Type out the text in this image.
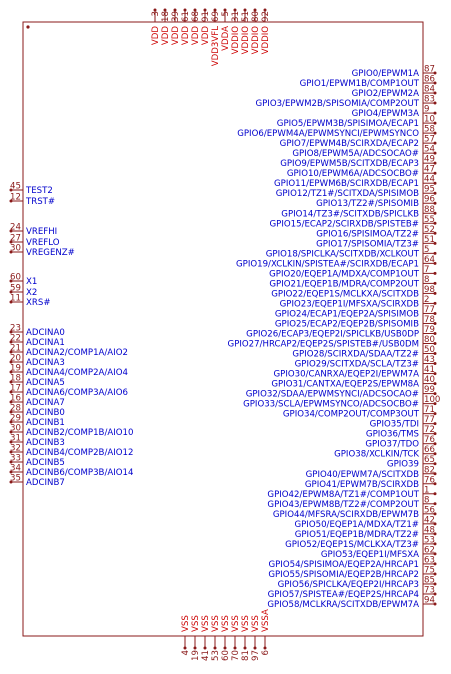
3
VDD
18
VDD
39
VDD
61
VDD
68
VDD
91
VDD
69
VDD3VFL
5
VDDA
31
VDDIO
51
VDDIO
80
VDDIO
92
VDDIO
VSS
4
VSS
19
VSS
41
VSS
53
VSS
60
VSS
70
VSS
81
VSS
97
VSSA
6
45 TEST2
12 TRST#
24 VREFHI
27 VREFLO
30 VREGENZ#
60 X1
59 X2
11 XRS#
23 ADCINA0
22 ADCINA1
21 ADCINA2/COMP1A/AIO2
20 ADCINA3
19 ADCINA4/COMP2A/AIO4
18 ADCINA5
17 ADCINA6/COMP3A/AIO6
16 ADCINA7
28 ADCINB0
29 ADCINB1
30 ADCINB2/COMP1B/AIO10
31 ADCINB3
32 ADCINB4/COMP2B/AIO12
33 ADCINB5
34 ADCINB6/COMP3B/AIO14
35 ADCINB7
87
GPIO0/EPWM1A
86
GPIO1/EPWM1B/COMP1OUT
84
GPIO2/EPWM2A
83
GPIO3/EPWM2B/SPISOMIA/COMP2OUT
9
GPIO4/EPWM3A
10
GPIO5/EPWM3B/SPISIMOA/ECAP1
58
GPIO6/EPWM4A/EPWMSYNCI/EPWMSYNCO
57
GPIO7/EPWM4B/SCIRXDA/ECAP2
54
GPIO8/EPWM5A/ADCSOCAO#
49
GPIO9/EPWM5B/SCITXDB/ECAP3
47
GPIO10/EPWM6A/ADCSOCBO#
44
GPIO11/EPWM6B/SCIRXDB/ECAP1
95
GPIO12/TZ1#/SCITXDA/SPISIMOB
96
GPIO13/TZ2#/SPISOMIB
88
GPIO14/TZ3#/SCITXDB/SPICLKB
55
GPIO15/ECAP2/SCIRXDB/SPISTEB#
52
GPIO16/SPISIMOA/TZ2#
51
GPIO17/SPISOMIA/TZ3#
5
GPIO18/SPICLKA/SCITXDB/XCLKOUT
64
GPIO19/XCLKIN/SPISTEA#/SCIRXDB/ECAP1
7
GPIO20/EQEP1A/MDXA/COMP1OUT
8
GPIO21/EQEP1B/MDRA/COMP2OUT
98
GPIO22/EQEP1S/MCLKXA/SCITXDB
2
GPIO23/EQEP1I/MFSXA/SCIRXDB
77
GPIO24/ECAP1/EQEP2A/SPISIMOB
78
GPIO25/ECAP2/EQEP2B/SPISOMIB
79
GPIO26/ECAP3/EQEP2I/SPICLKB/USB0DP
80
GPIO27/HRCAP2/EQEP2S/SPISTEB#/USB0DM
50
GPIO28/SCIRXDA/SDAA/TZ2#
43
GPIO29/SCITXDA/SCLA/TZ3#
41
GPIO30/CANRXA/EQEP2I/EPWM7A
40
GPIO31/CANTXA/EQEP2S/EPWM8A
99
GPIO32/SDAA/EPWMSYNCI/ADCSOCAO#
100
GPIO33/SCLA/EPWMSYNCO/ADCSOCBO#
71
GPIO34/COMP2OUT/COMP3OUT
77
GPIO35/TDI
72
GPIO36/TMS
76
GPIO37/TDO
66
GPIO38/XCLKIN/TCK
65
GPIO39
82
GPIO40/EPWM7A/SCITXDB
76
GPIO41/EPWM7B/SCIRXDB
1
GPIO42/EPWM8A/TZ1#/COMP1OUT
8
GPIO43/EPWM8B/TZ2#/COMP2OUT
56
GPIO44/MFSRA/SCIRXDB/EPWM7B
42
GPIO50/EQEP1A/MDXA/TZ1#
48
GPIO51/EQEP1B/MDRA/TZ2#
53
GPIO52/EQEP1S/MCLKXA/TZ3#
62
GPIO53/EQEP1I/MFSXA
63
GPIO54/SPISIMOA/EQEP2A/HRCAP1
75
GPIO55/SPISOMIA/EQEP2B/HRCAP2
85
GPIO56/SPICLKA/EQEP2I/HRCAP3
73
GPIO57/SPISTEA#/EQEP2S/HRCAP4
94
GPIO58/MCLKRA/SCITXDB/EPWM7A
